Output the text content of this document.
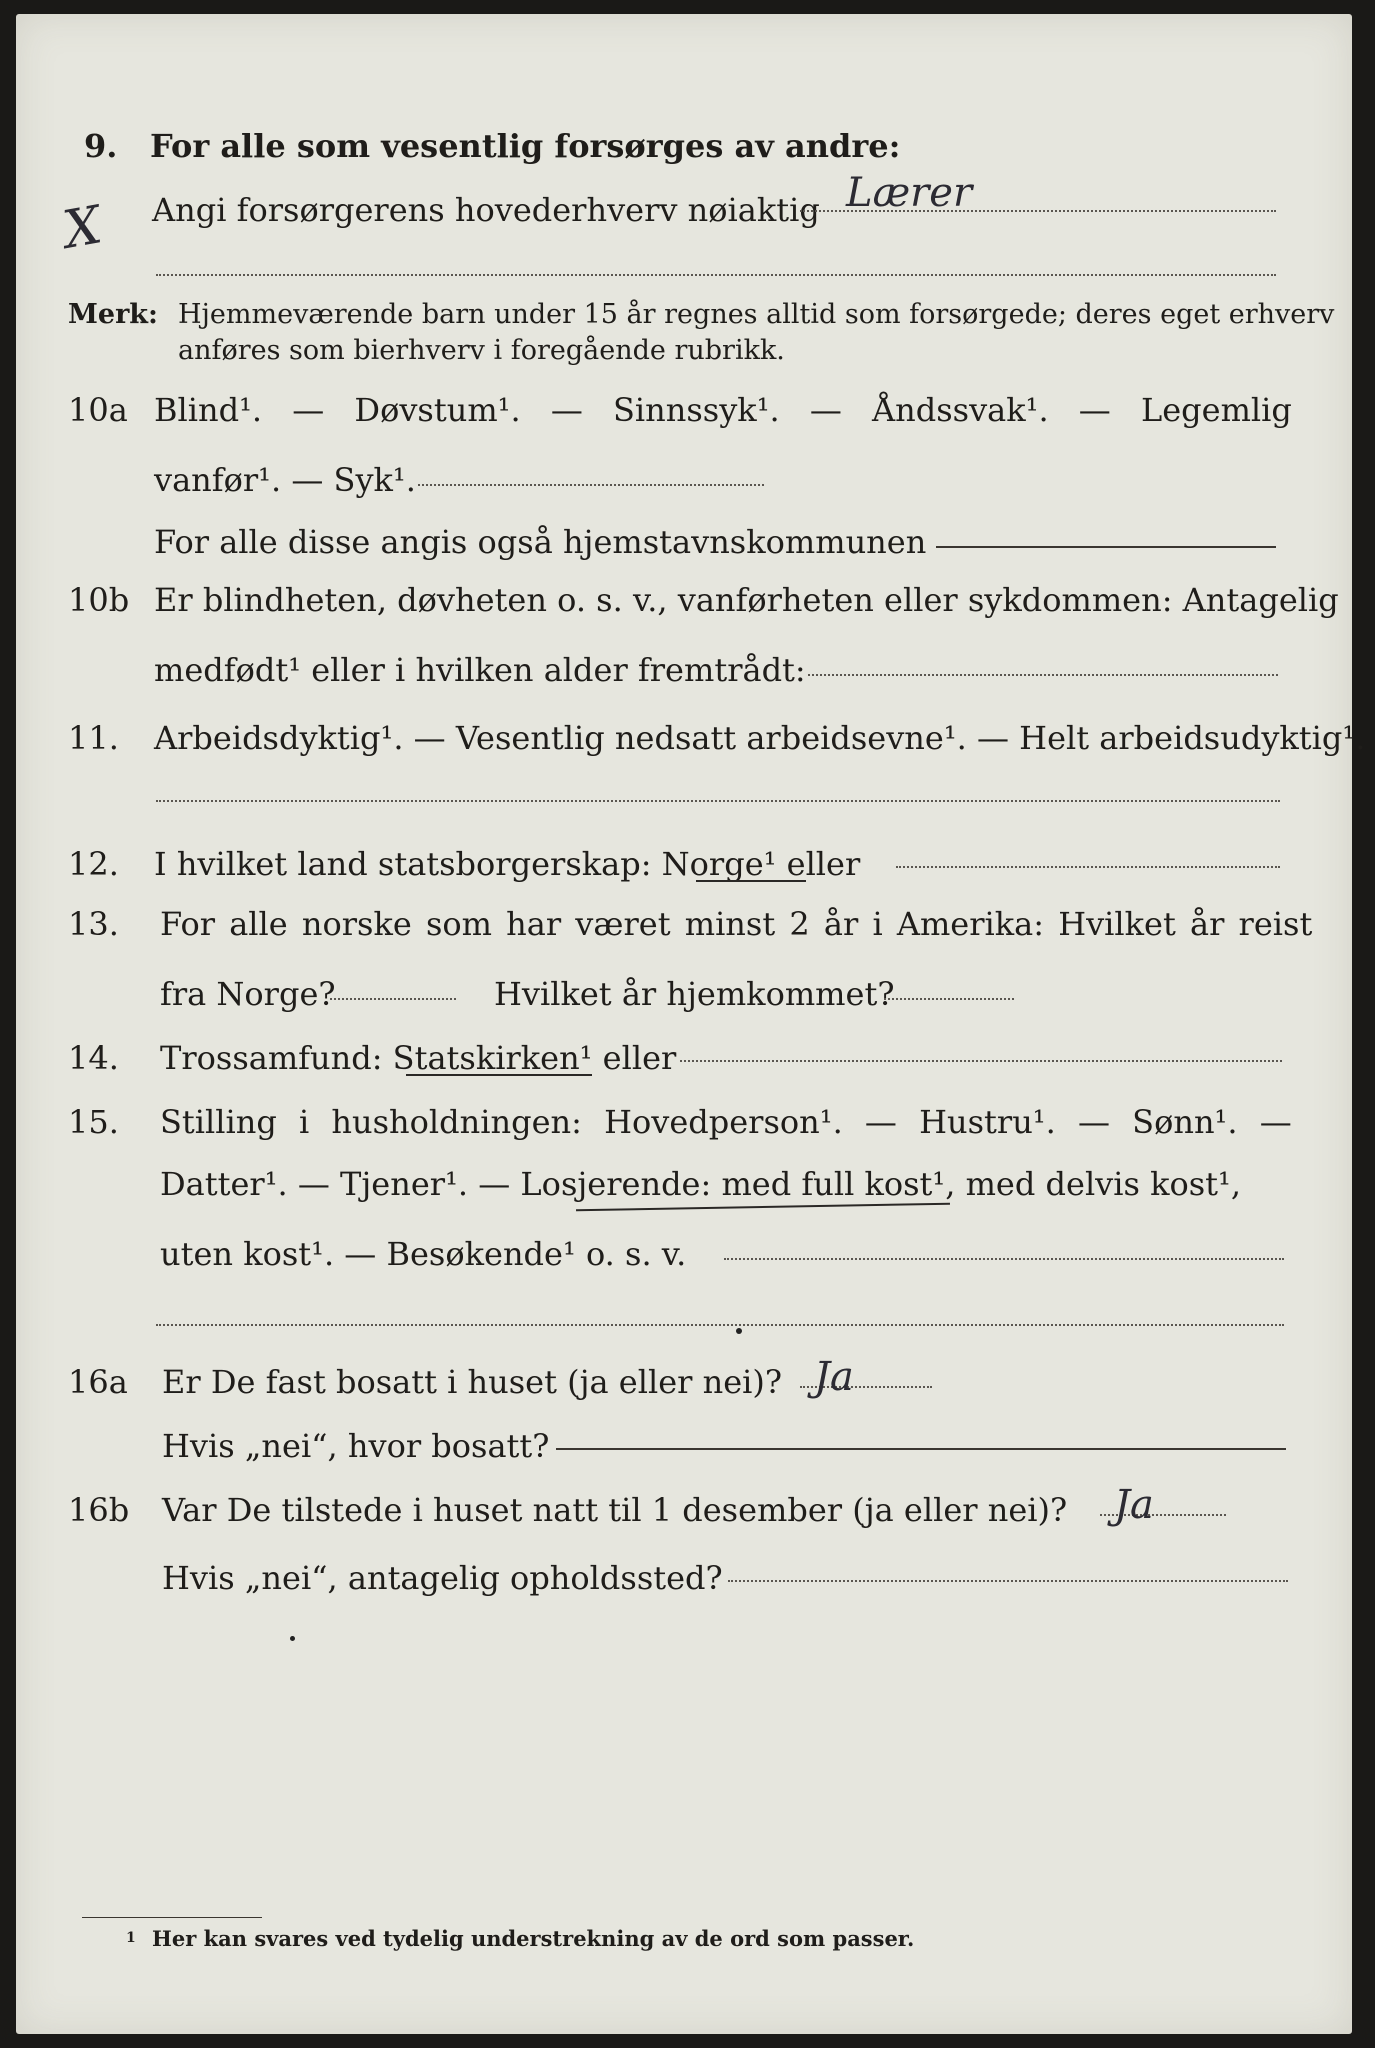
9. For alle som vesentlig forsørges av andre:
X Angi forsørgerens hovederhverv nøiaktig Lærer
Merk: Hjemmeværende barn under 15 år regnes alltid som forsørgede; deres eget erhverv
anføres som bierhverv i foregående rubrikk.
10a Blind¹. — Døvstum¹. — Sinnssyk¹. — Åndssvak¹. — Legemlig
vanfør¹. — Syk¹.
For alle disse angis også hjemstavnskommunen
10b Er blindheten, døvheten o. s. v., vanførheten eller sykdommen: Antagelig
medfødt¹ eller i hvilken alder fremtrådt:
11. Arbeidsdyktig¹. — Vesentlig nedsatt arbeidsevne¹. — Helt arbeidsudyktig¹.
12. I hvilket land statsborgerskap: Norge¹ eller
13. For alle norske som har været minst 2 år i Amerika: Hvilket år reist
fra Norge?	Hvilket år hjemkommet?
14. Trossamfund: Statskirken¹ eller
15. Stilling i husholdningen: Hovedperson¹. — Hustru¹. — Sønn¹. —
Datter¹. — Tjener¹. — Losjerende: med full kost¹, med delvis kost¹,
uten kost¹. — Besøkende¹ o. s. v.
16a Er De fast bosatt i huset (ja eller nei)? Ja
Hvis „nei“, hvor bosatt?
16b Var De tilstede i huset natt til 1 desember (ja eller nei)? Ja
Hvis „nei“, antagelig opholdssted?
1 Her kan svares ved tydelig understrekning av de ord som passer.
